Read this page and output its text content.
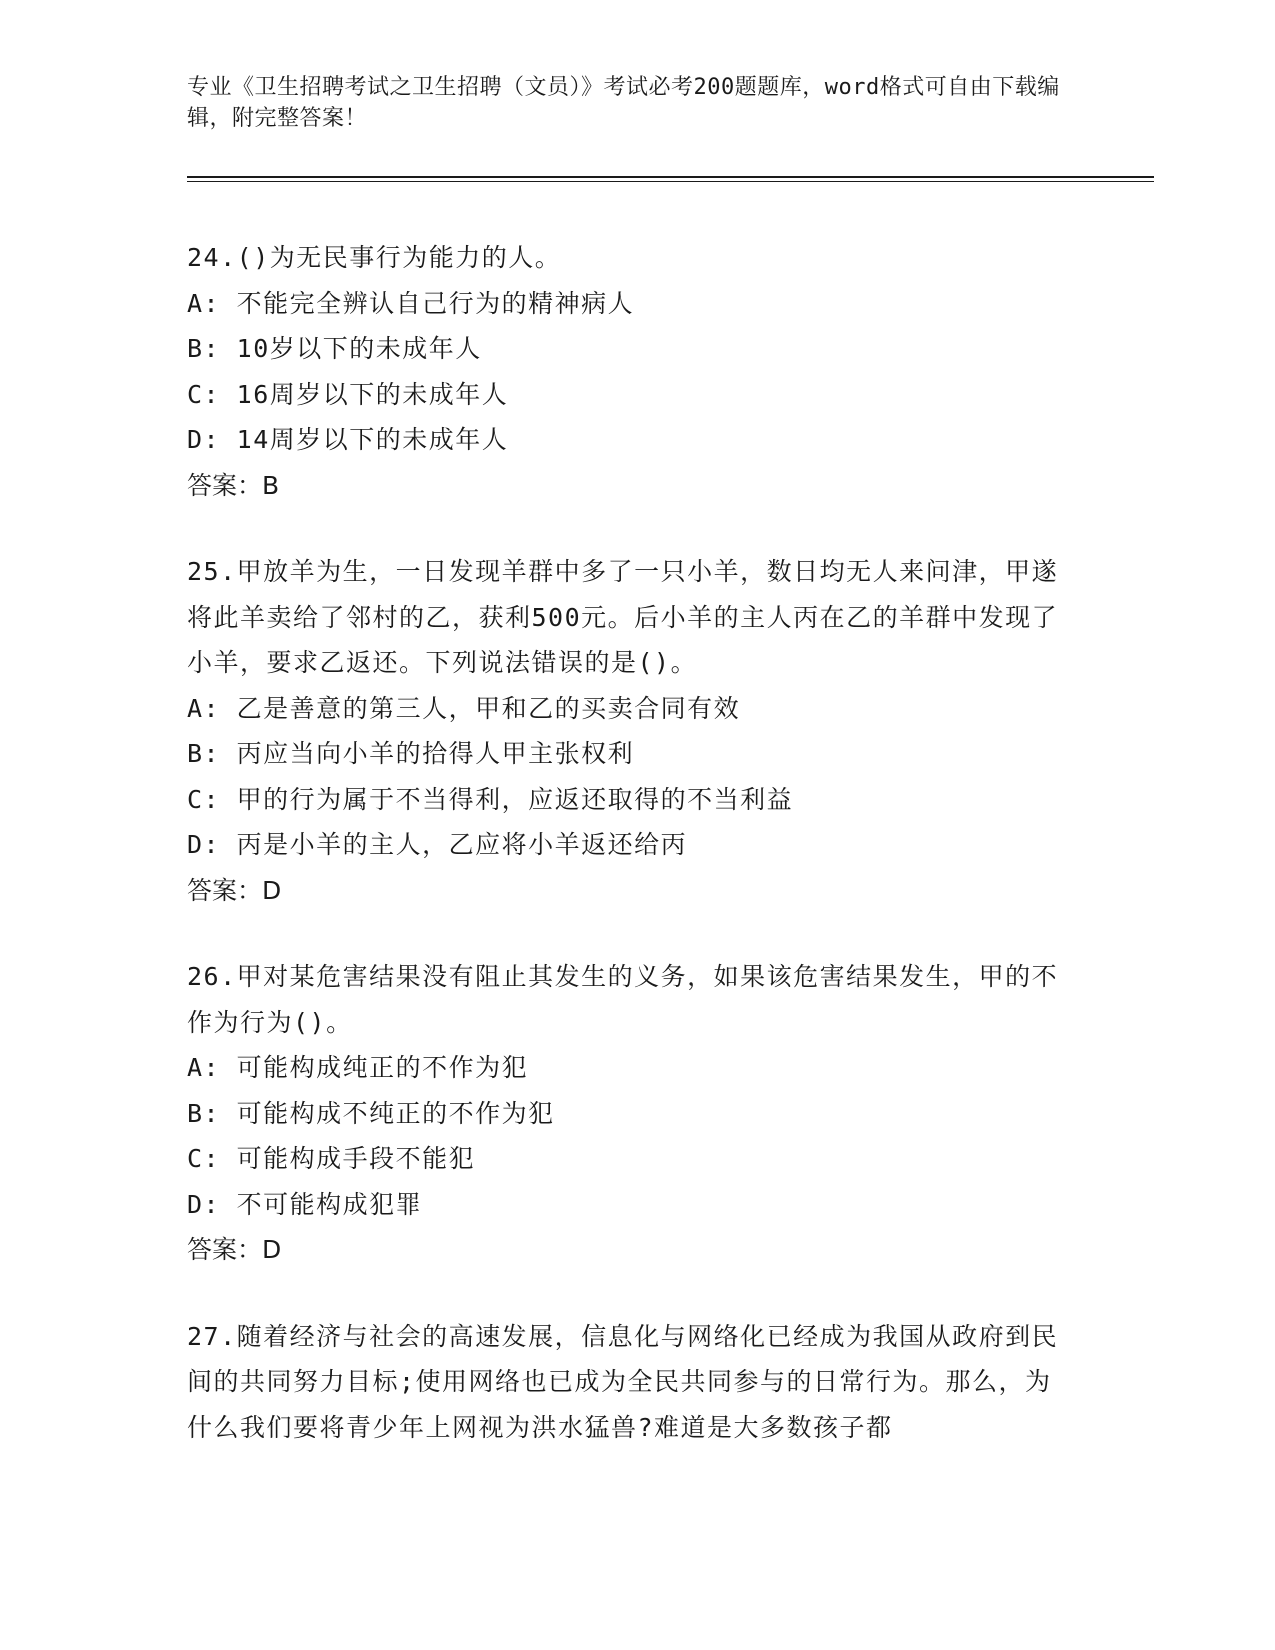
专业《卫生招聘考试之卫生招聘（文员）》考试必考200题题库，word格式可自由下载编辑，附完整答案！
24.()为无民事行为能力的人。
A: 不能完全辨认自己行为的精神病人
B: 10岁以下的未成年人
C: 16周岁以下的未成年人
D: 14周岁以下的未成年人
答案：B
25.甲放羊为生，一日发现羊群中多了一只小羊，数日均无人来问津，甲遂将此羊卖给了邻村的乙，获利500元。后小羊的主人丙在乙的羊群中发现了小羊，要求乙返还。下列说法错误的是()。
A: 乙是善意的第三人，甲和乙的买卖合同有效
B: 丙应当向小羊的拾得人甲主张权利
C: 甲的行为属于不当得利，应返还取得的不当利益
D: 丙是小羊的主人，乙应将小羊返还给丙
答案：D
26.甲对某危害结果没有阻止其发生的义务，如果该危害结果发生，甲的不作为行为()。
A: 可能构成纯正的不作为犯
B: 可能构成不纯正的不作为犯
C: 可能构成手段不能犯
D: 不可能构成犯罪
答案：D
27.随着经济与社会的高速发展，信息化与网络化已经成为我国从政府到民间的共同努力目标;使用网络也已成为全民共同参与的日常行为。那么，为什么我们要将青少年上网视为洪水猛兽?难道是大多数孩子都
